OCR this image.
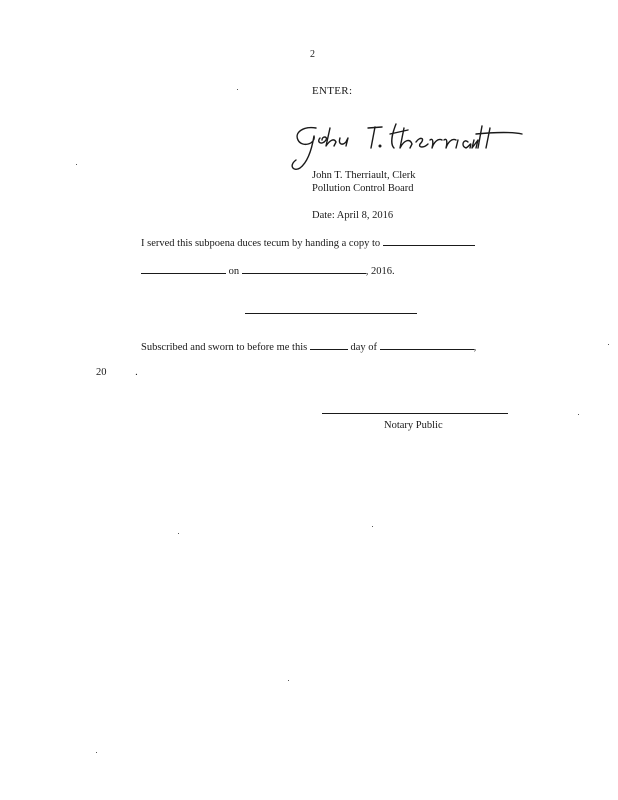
2
ENTER:
John T. Therriault, Clerk
Pollution Control Board
Date: April 8, 2016
I served this subpoena duces tecum by handing a copy to
on	, 2016.
Subscribed and sworn to before me this	day of	,
20	.
Notary Public
